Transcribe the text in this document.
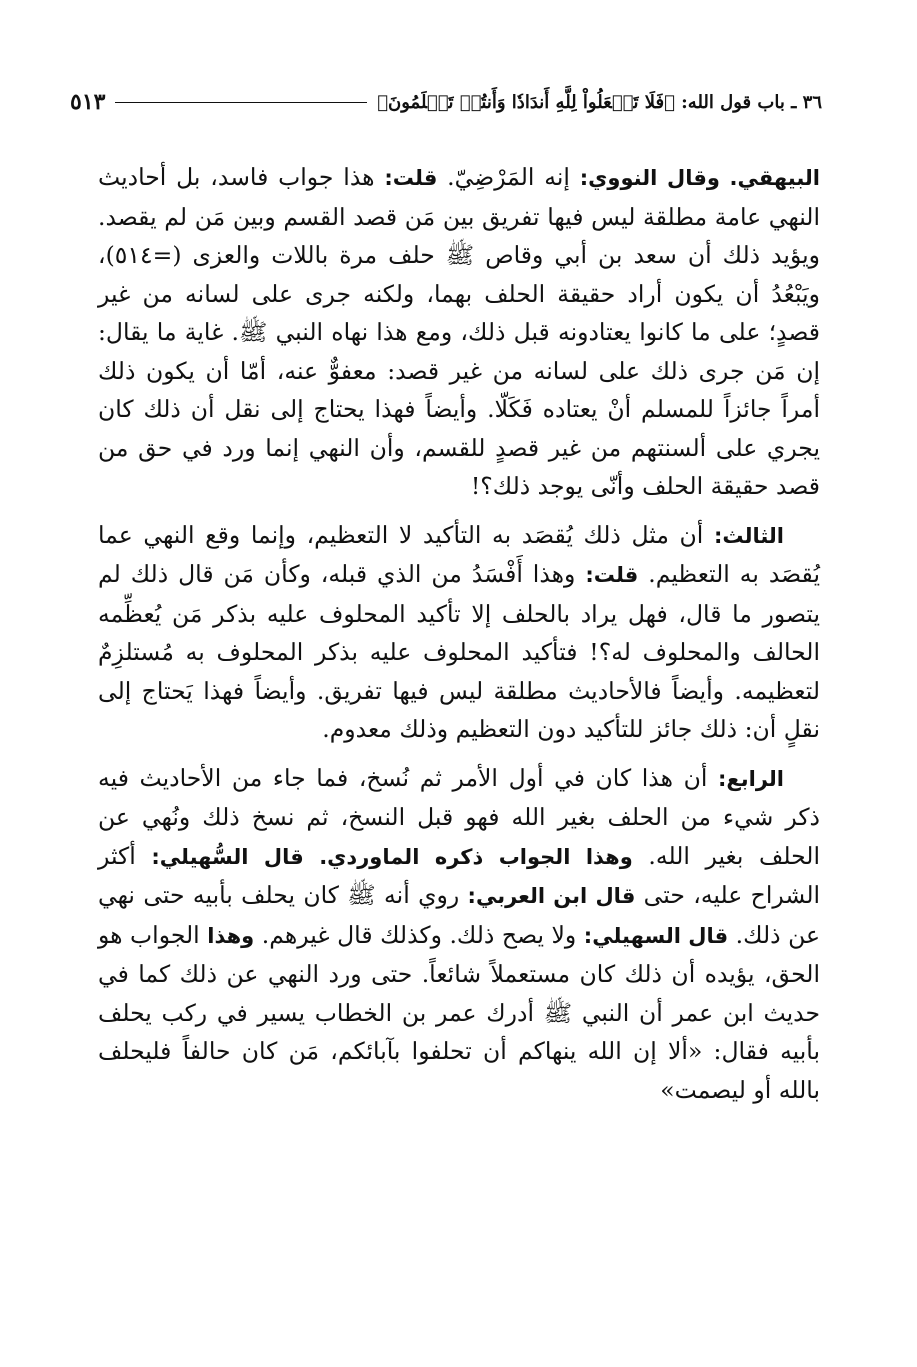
٣٦ ـ باب قول الله: ﴿فَلَا تَجۡعَلُواْ لِلَّهِ أَندَادٗا وَأَنتُمۡ تَعۡلَمُونَ﴾
٥١٣

البيهقي. وقال النووي: إنه المَرْضِيّ. قلت: هذا جواب فاسد، بل أحاديث النهي عامة مطلقة ليس فيها تفريق بين مَن قصد القسم وبين مَن لم يقصد. ويؤيد ذلك أن سعد بن أبي وقاص ﷺ حلف مرة باللات والعزى (=٥١٤)، ويَبْعُدُ أن يكون أراد حقيقة الحلف بهما، ولكنه جرى على لسانه من غير قصدٍ؛ على ما كانوا يعتادونه قبل ذلك، ومع هذا نهاه النبي ﷺ. غاية ما يقال: إن مَن جرى ذلك على لسانه من غير قصد: معفوٌّ عنه، أمّا أن يكون ذلك أمراً جائزاً للمسلم أنْ يعتاده فَكَلّا. وأيضاً فهذا يحتاج إلى نقل أن ذلك كان يجري على ألسنتهم من غير قصدٍ للقسم، وأن النهي إنما ورد في حق من قصد حقيقة الحلف وأنّى يوجد ذلك؟!

الثالث: أن مثل ذلك يُقصَد به التأكيد لا التعظيم، وإنما وقع النهي عما يُقصَد به التعظيم. قلت: وهذا أَفْسَدُ من الذي قبله، وكأن مَن قال ذلك لم يتصور ما قال، فهل يراد بالحلف إلا تأكيد المحلوف عليه بذكر مَن يُعظِّمه الحالف والمحلوف له؟! فتأكيد المحلوف عليه بذكر المحلوف به مُستلزِمٌ لتعظيمه. وأيضاً فالأحاديث مطلقة ليس فيها تفريق. وأيضاً فهذا يَحتاج إلى نقلٍ أن: ذلك جائز للتأكيد دون التعظيم وذلك معدوم.

الرابع: أن هذا كان في أول الأمر ثم نُسخ، فما جاء من الأحاديث فيه ذكر شيء من الحلف بغير الله فهو قبل النسخ، ثم نسخ ذلك ونُهي عن الحلف بغير الله. وهذا الجواب ذكره الماوردي. قال السُّهيلي: أكثر الشراح عليه، حتى قال ابن العربي: روي أنه ﷺ كان يحلف بأبيه حتى نهي عن ذلك. قال السهيلي: ولا يصح ذلك. وكذلك قال غيرهم. وهذا الجواب هو الحق، يؤيده أن ذلك كان مستعملاً شائعاً. حتى ورد النهي عن ذلك كما في حديث ابن عمر أن النبي ﷺ أدرك عمر بن الخطاب يسير في ركب يحلف بأبيه فقال: «ألا إن الله ينهاكم أن تحلفوا بآبائكم، مَن كان حالفاً فليحلف بالله أو ليصمت»
